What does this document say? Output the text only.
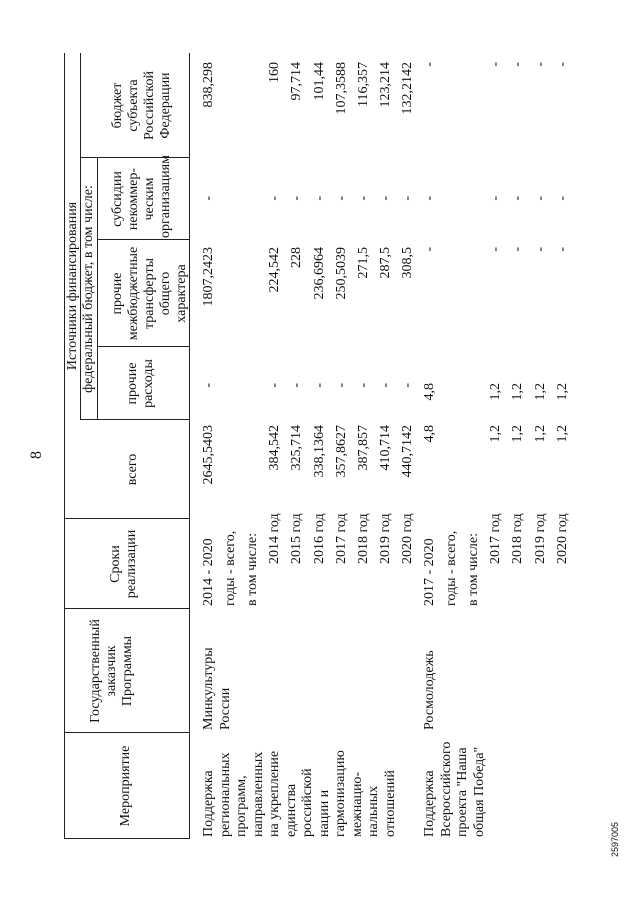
8
Мероприятие
Государственный заказчик Программы
Сроки реализации
всего
Источники финансирования федеральный бюджет, в том числе: прочие расходы
прочие межбюджетные трансферты общего характера
субсидии некоммер-ческим организациям
бюджет субъекта Российской Федерации
2014 - 2020
2645,5403
-
1807,2423
-
838,298
годы - всего, в том числе: 2014 год
384,542
-
224,542
-
160
2015 год
325,714
-
228
-
97,714
2016 год
338,1364
-
236,6964
-
101,44
2017 год
357,8627
-
250,5039
-
107,3588
2018 год
387,857
-
271,5
-
116,357
2019 год
410,714
-
287,5
-
123,214
2020 год
440,7142
-
308,5
-
132,2142
2017 - 2020
4,8
4,8
-
-
-
годы - всего, в том числе: 2017 год
1,2
1,2
-
-
-
2018 год
1,2
1,2
-
-
-
2019 год
1,2
1,2
-
-
-
2020 год
1,2
1,2
-
-
-
Поддержка региональных программ, направленных на укрепление единства российской нации и гармонизацию межнацио- нальных отношений
Минкультуры России
Поддержка Всероссийского проекта "Наша общая Победа"
Росмолодежь
2597005
